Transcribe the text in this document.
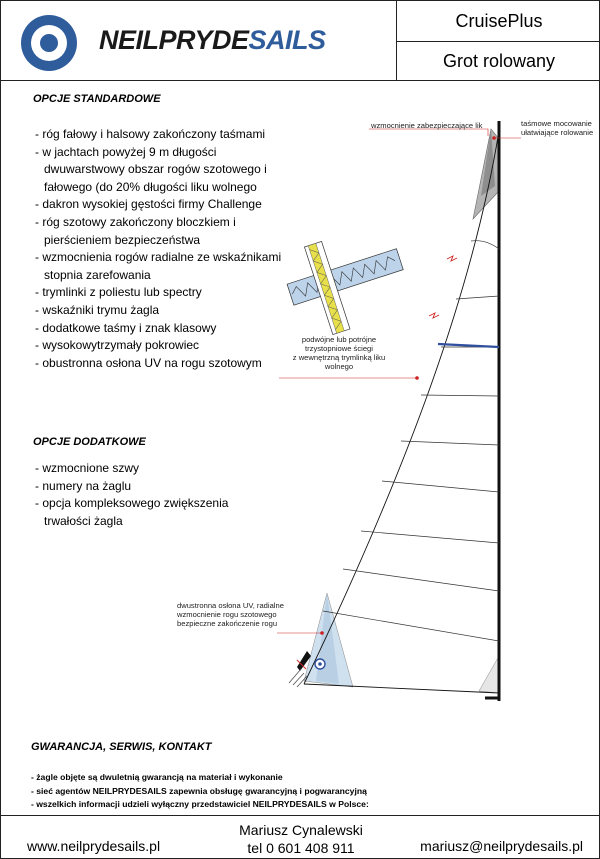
NEILPRYDESAILS
CruisePlus
Grot rolowany
OPCJE STANDARDOWE
- róg fałowy i halsowy zakończony taśmami
- w jachtach powyżej 9 m długości dwuwarstwowy obszar rogów szotowego i fałowego (do 20% długości liku wolnego
- dakron wysokiej gęstości firmy Challenge
- róg szotowy zakończony bloczkiem i pierścieniem bezpieczeństwa
- wzmocnienia rogów radialne ze wskaźnikami stopnia zarefowania
- trymlinki z poliestu lub spectry
- wskaźniki trymu żagla
- dodatkowe taśmy i znak klasowy
- wysokowytrzymały pokrowiec
- obustronna osłona UV na rogu szotowym
OPCJE DODATKOWE
- wzmocnione szwy
- numery na żaglu
- opcja kompleksowego zwiększenia trwałości żagla
wzmocnienie zabezpieczające lik	taśmowe mocowanie
ułatwiające rolowanie
podwójne lub potrójne
trzystopniowe ściegi
z wewnętrzną trymlinką liku
wolnego
dwustronna osłona UV, radialne
wzmocnienie rogu szotowego
bezpieczne zakończenie rogu
GWARANCJA, SERWIS, KONTAKT
- żagle objęte są dwuletnią gwarancją na materiał i wykonanie
- sieć agentów NEILPRYDESAILS zapewnia obsługę gwarancyjną i pogwarancyjną
- wszelkich informacji udzieli wyłączny przedstawiciel NEILPRYDESAILS w Polsce:
www.neilprydesails.pl
Mariusz Cynalewski
tel 0 601 408 911	mariusz@neilprydesails.pl
